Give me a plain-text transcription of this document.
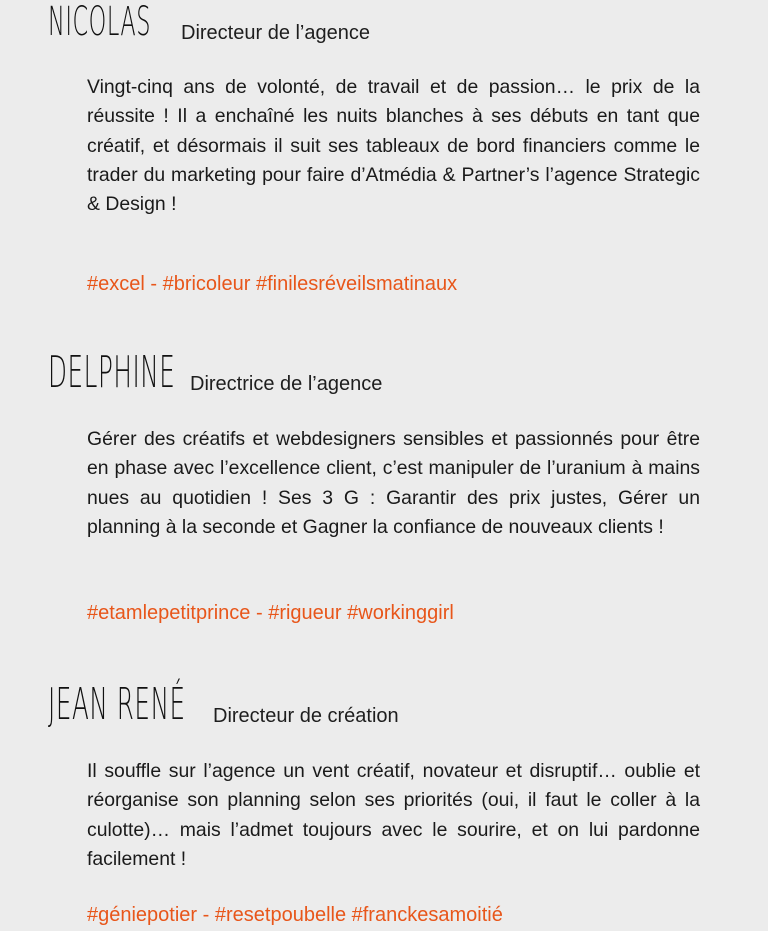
NICOLAS	Directeur de l’agence

Vingt-cinq ans de volonté, de travail et de passion… le prix de la réussite ! Il a enchaîné les nuits blanches à ses débuts en tant que créatif, et désormais il suit ses tableaux de bord financiers comme le trader du marketing pour faire d’Atmédia & Partner’s l’agence Strategic & Design !

#excel - #bricoleur #finilesréveilsmatinaux
DELPHINE Directrice de l’agence

Gérer des créatifs et webdesigners sensibles et passionnés pour être en phase avec l’excellence client, c’est manipuler de l’uranium à mains nues au quotidien ! Ses 3 G : Garantir des prix justes, Gérer un planning à la seconde et Gagner la confiance de nouveaux clients !

#etamlepetitprince - #rigueur #workinggirl
JEAN RENÉ	Directeur de création

Il souffle sur l’agence un vent créatif, novateur et disruptif… oublie et réorganise son planning selon ses priorités (oui, il faut le coller à la culotte)… mais l’admet toujours avec le sourire, et on lui pardonne facilement !

#géniepotier - #resetpoubelle #franckesamoitié
